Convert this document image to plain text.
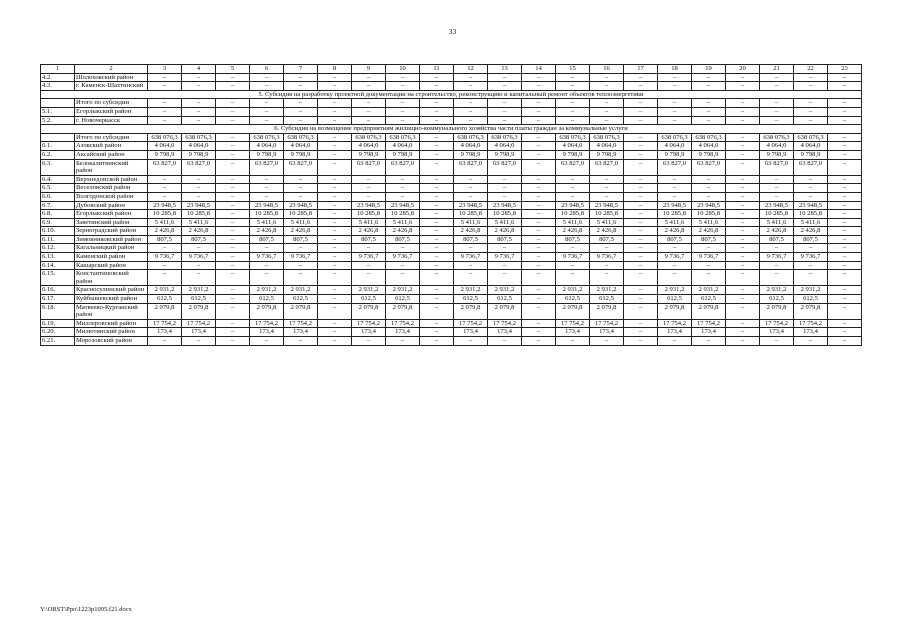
33
1	2	3	4	5	6	7	8	9	10	11	12	13	14	15	16	17	18	19	20	21	22	23
4.2.	Шолоховский район	–	–	–	–	–	–	–	–	–	–	–	–	–	–	–	–	–	–	–	–	–
4.3.	г. Каменск-Шахтинский	–	–	–	–	–	–	–	–	–	–	–	–	–	–	–	–	–	–	–	–	–
5. Субсидия на разработку проектной документации на строительство, реконструкцию и капитальный ремонт объектов теплоэнергетики																						
	Итого по субсидии	–	–	–	–	–	–	–	–	–	–	–	–	–	–	–	–	–	–	–	–	–
5.1.	Егорлыкский район	–	–	–	–	–	–	–	–	–	–	–	–	–	–	–	–	–	–	–	–	–
5.2.	г. Новочеркасск	–	–	–	–	–	–	–	–	–	–	–	–	–	–	–	–	–	–	–	–	–
6. Субсидия на возмещение предприятиям жилищно-коммунального хозяйства части платы граждан за коммунальные услуги																						
	Итого по субсидии	638 076,3	638 076,3	–	638 076,3	638 076,3	–	638 076,3	638 076,3	–	638 076,3	638 076,3	–	638 076,3	638 076,3	–	638 076,3	638 076,3	–	638 076,3	638 076,3	–
6.1.	Азовский район	4 064,0	4 064,0	–	4 064,0	4 064,0	–	4 064,0	4 064,0	–	4 064,0	4 064,0	–	4 064,0	4 064,0	–	4 064,0	4 064,0	–	4 064,0	4 064,0	–
6.2.	Аксайский район	9 798,9	9 798,9	–	9 798,9	9 798,9	–	9 798,9	9 798,9	–	9 798,9	9 798,9	–	9 798,9	9 798,9	–	9 798,9	9 798,9	–	9 798,9	9 798,9	–
6.3.	Белокалитвинский район	63 827,0	63 827,0	–	63 827,0	63 827,0	–	63 827,0	63 827,0	–	63 827,0	63 827,0	–	63 827,0	63 827,0	–	63 827,0	63 827,0	–	63 827,0	63 827,0	–
6.4.	Верхнедонской район	–	–	–	–	–	–	–	–	–	–	–	–	–	–	–	–	–	–	–	–	–
6.5.	Веселовский район	–	–	–	–	–	–	–	–	–	–	–	–	–	–	–	–	–	–	–	–	–
6.6.	Волгодонской район	–	–	–	–	–	–	–	–	–	–	–	–	–	–	–	–	–	–	–	–	–
6.7.	Дубовский район	23 948,5	23 948,5	–	23 948,5	23 948,5	–	23 948,5	23 948,5	–	23 948,5	23 948,5	–	23 948,5	23 948,5	–	23 948,5	23 948,5	–	23 948,5	23 948,5	–
6.8.	Егорлыкский район	10 285,8	10 285,8	–	10 285,8	10 285,8	–	10 285,8	10 285,8	–	10 285,8	10 285,8	–	10 285,8	10 285,8	–	10 285,8	10 285,8	–	10 285,8	10 285,8	–
6.9.	Заветинский район	5 411,6	5 411,6	–	5 411,6	5 411,6	–	5 411,6	5 411,6	–	5 411,6	5 411,6	–	5 411,6	5 411,6	–	5 411,6	5 411,6	–	5 411,6	5 411,6	–
6.10.	Зерноградский район	2 426,8	2 426,8	–	2 426,8	2 426,8	–	2 426,8	2 426,8	–	2 426,8	2 426,8	–	2 426,8	2 426,8	–	2 426,8	2 426,8	–	2 426,8	2 426,8	–
6.11.	Зимовниковский район	807,5	807,5	–	807,5	807,5	–	807,5	807,5	–	807,5	807,5	–	807,5	807,5	–	807,5	807,5	–	807,5	807,5	–
6.12.	Кагальницкий район	–	–	–	–	–	–	–	–	–	–	–	–	–	–	–	–	–	–	–	–	–
6.13.	Каменский район	9 736,7	9 736,7	–	9 736,7	9 736,7	–	9 736,7	9 736,7	–	9 736,7	9 736,7	–	9 736,7	9 736,7	–	9 736,7	9 736,7	–	9 736,7	9 736,7	–
6.14.	Кашарский район	–	–	–	–	–	–	–	–	–	–	–	–	–	–	–	–	–	–	–	–	–
6.15.	Константиновский район	–	–	–	–	–	–	–	–	–	–	–	–	–	–	–	–	–	–	–	–	–
6.16.	Красносулинский район	2 931,2	2 931,2	–	2 931,2	2 931,2	–	2 931,2	2 931,2	–	2 931,2	2 931,2	–	2 931,2	2 931,2	–	2 931,2	2 931,2	–	2 931,2	2 931,2	–
6.17.	Куйбышевский район	612,5	612,5	–	612,5	612,5	–	612,5	612,5	–	612,5	612,5	–	612,5	612,5	–	612,5	612,5	–	612,5	612,5	–
6.18.	Матвеево-Курганский район	2 079,8	2 079,8	–	2 079,8	2 079,8	–	2 079,8	2 079,8	–	2 079,8	2 079,8	–	2 079,8	2 079,8	–	2 079,8	2 079,8	–	2 079,8	2 079,8	–
6.19.	Миллеровский район	17 754,2	17 754,2	–	17 754,2	17 754,2	–	17 754,2	17 754,2	–	17 754,2	17 754,2	–	17 754,2	17 754,2	–	17 754,2	17 754,2	–	17 754,2	17 754,2	–
6.20.	Милютинский район	173,4	173,4	–	173,4	173,4	–	173,4	173,4	–	173,4	173,4	–	173,4	173,4	–	173,4	173,4	–	173,4	173,4	–
6.21.	Морозовский район	–	–	–	–	–	–	–	–	–	–	–	–	–	–	–	–	–	–	–	–	–
Y:\ORST\Ppo\1223p1095.f21.docx
